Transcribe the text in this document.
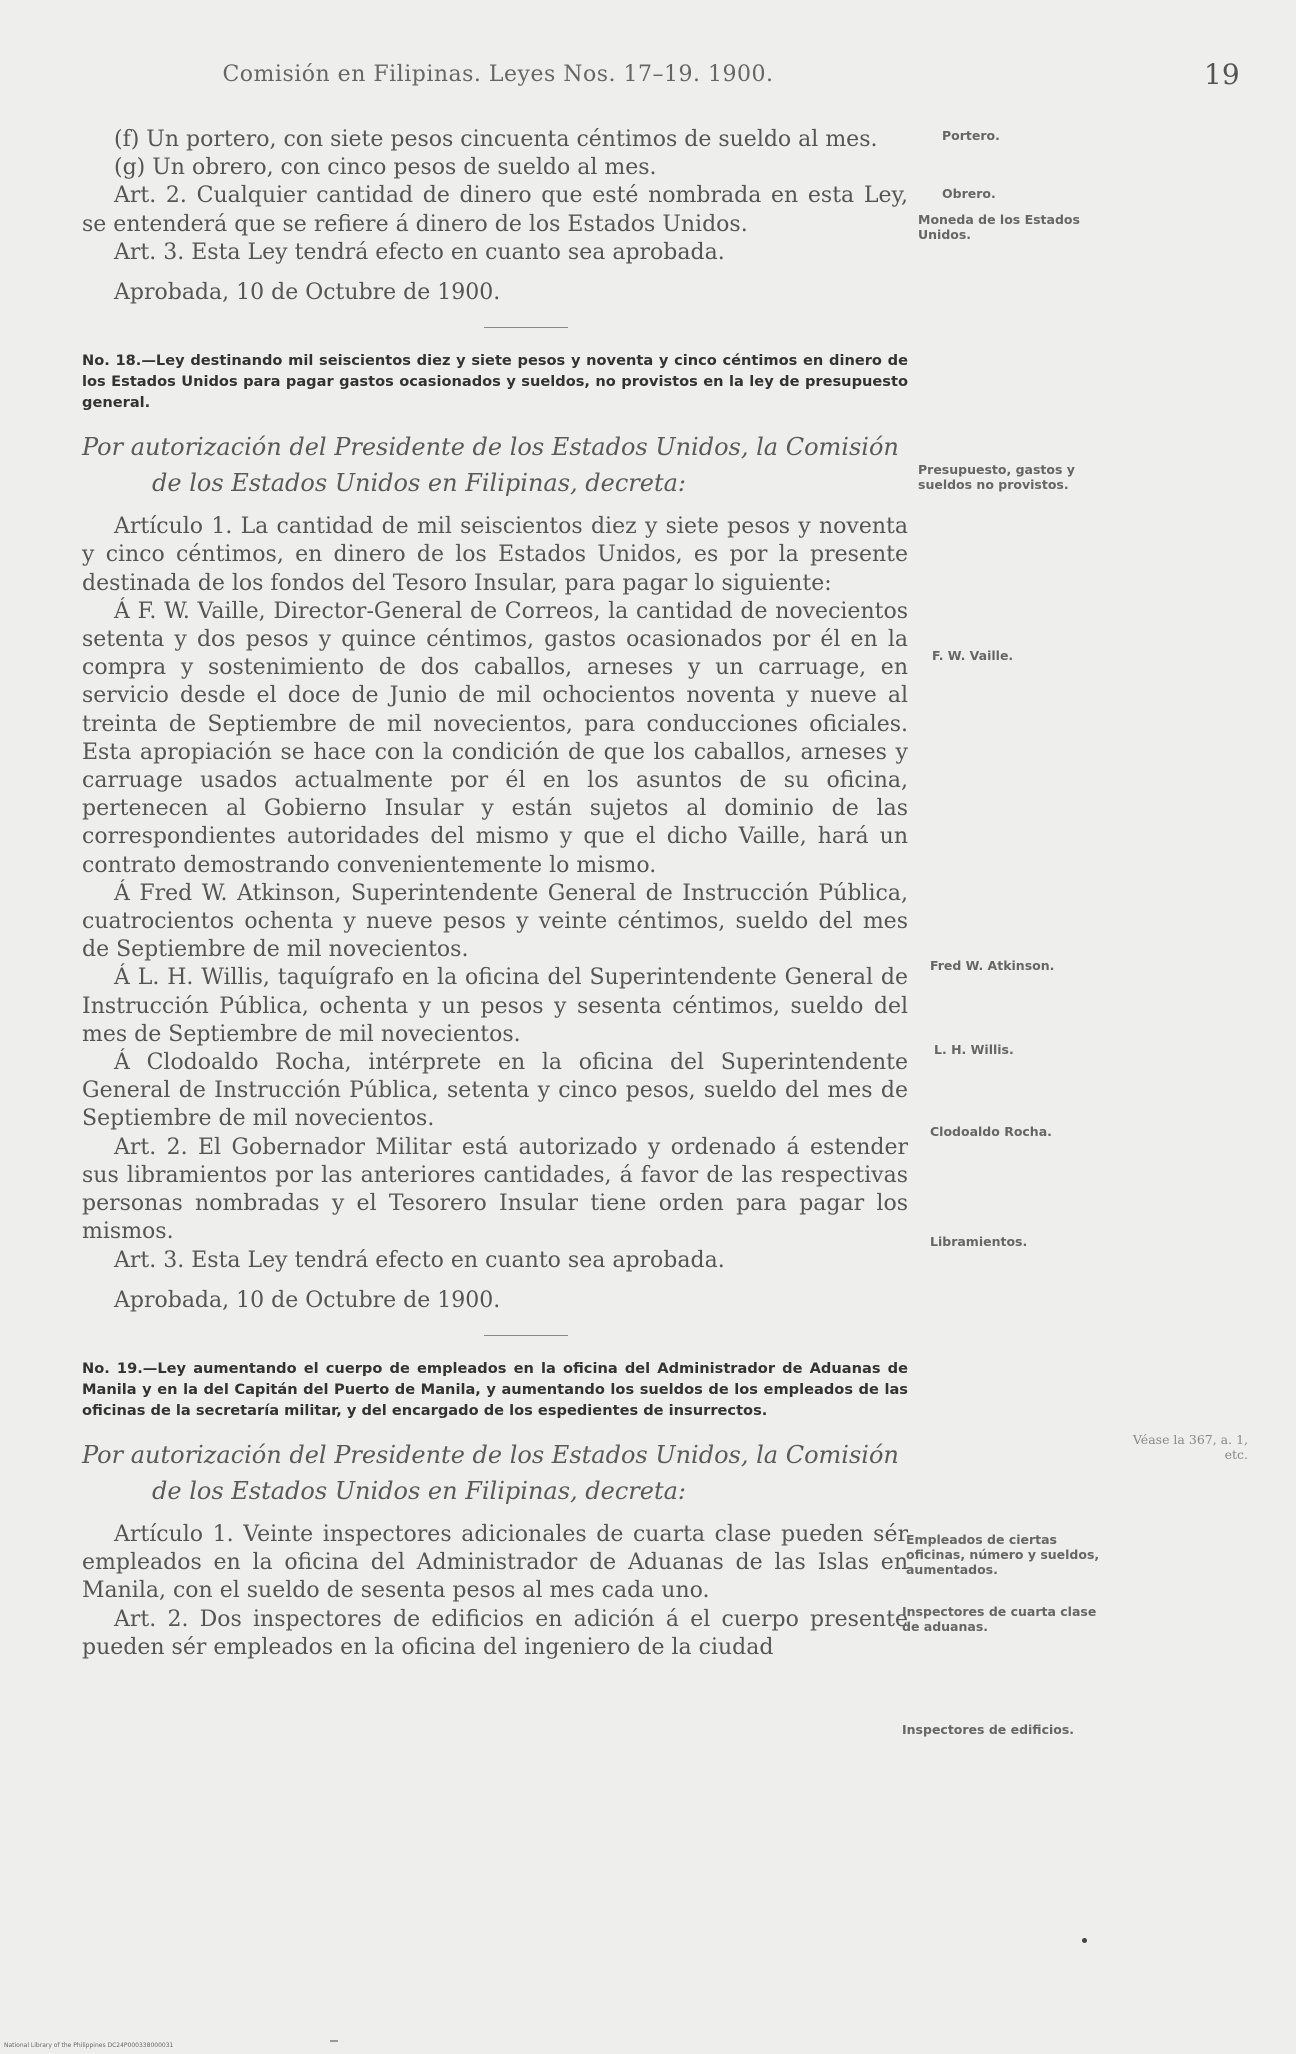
Comisión en Filipinas. Leyes Nos. 17–19. 1900.	19

(f) Un portero, con siete pesos cincuenta céntimos de sueldo al mes.

(g) Un obrero, con cinco pesos de sueldo al mes.

Art. 2. Cualquier cantidad de dinero que esté nombrada en esta Ley, se entenderá que se refiere á dinero de los Estados Unidos.

Art. 3. Esta Ley tendrá efecto en cuanto sea aprobada.

Aprobada, 10 de Octubre de 1900.

No. 18.—Ley destinando mil seiscientos diez y siete pesos y noventa y cinco céntimos en dinero de los Estados Unidos para pagar gastos ocasionados y sueldos, no provistos en la ley de presupuesto general.

Por autorización del Presidente de los Estados Unidos, la Comisión
de los Estados Unidos en Filipinas, decreta:

Artículo 1. La cantidad de mil seiscientos diez y siete pesos y noventa y cinco céntimos, en dinero de los Estados Unidos, es por la presente destinada de los fondos del Tesoro Insular, para pagar lo siguiente:

Á F. W. Vaille, Director-General de Correos, la cantidad de novecientos setenta y dos pesos y quince céntimos, gastos ocasionados por él en la compra y sostenimiento de dos caballos, arneses y un carruage, en servicio desde el doce de Junio de mil ochocientos noventa y nueve al treinta de Septiembre de mil novecientos, para conducciones oficiales. Esta apropiación se hace con la condición de que los caballos, arneses y carruage usados actualmente por él en los asuntos de su oficina, pertenecen al Gobierno Insular y están sujetos al dominio de las correspondientes autoridades del mismo y que el dicho Vaille, hará un contrato demostrando convenientemente lo mismo.

Á Fred W. Atkinson, Superintendente General de Instrucción Pública, cuatrocientos ochenta y nueve pesos y veinte céntimos, sueldo del mes de Septiembre de mil novecientos.

Á L. H. Willis, taquígrafo en la oficina del Superintendente General de Instrucción Pública, ochenta y un pesos y sesenta céntimos, sueldo del mes de Septiembre de mil novecientos.

Á Clodoaldo Rocha, intérprete en la oficina del Superintendente General de Instrucción Pública, setenta y cinco pesos, sueldo del mes de Septiembre de mil novecientos.

Art. 2. El Gobernador Militar está autorizado y ordenado á estender sus libramientos por las anteriores cantidades, á favor de las respectivas personas nombradas y el Tesorero Insular tiene orden para pagar los mismos.

Art. 3. Esta Ley tendrá efecto en cuanto sea aprobada.

Aprobada, 10 de Octubre de 1900.

No. 19.—Ley aumentando el cuerpo de empleados en la oficina del Administrador de Aduanas de Manila y en la del Capitán del Puerto de Manila, y aumentando los sueldos de los empleados de las oficinas de la secretaría militar, y del encargado de los espedientes de insurrectos.

Por autorización del Presidente de los Estados Unidos, la Comisión
de los Estados Unidos en Filipinas, decreta:

Artículo 1. Veinte inspectores adicionales de cuarta clase pueden sér empleados en la oficina del Administrador de Aduanas de las Islas en Manila, con el sueldo de sesenta pesos al mes cada uno.

Art. 2. Dos inspectores de edificios en adición á el cuerpo presente pueden sér empleados en la oficina del ingeniero de la ciudad

Portero.
Obrero.
Moneda de los Estados Unidos.
Presupuesto, gastos y sueldos no provistos.
F. W. Vaille.
Fred W. Atkinson.
L. H. Willis.
Clodoaldo Rocha.
Libramientos.
Véase la 367, a. 1, etc.
Empleados de ciertas oficinas, número y sueldos, aumentados.
Inspectores de cuarta clase de aduanas.
Inspectores de edificios.
National Library of the Philippines DC24P000338000031
